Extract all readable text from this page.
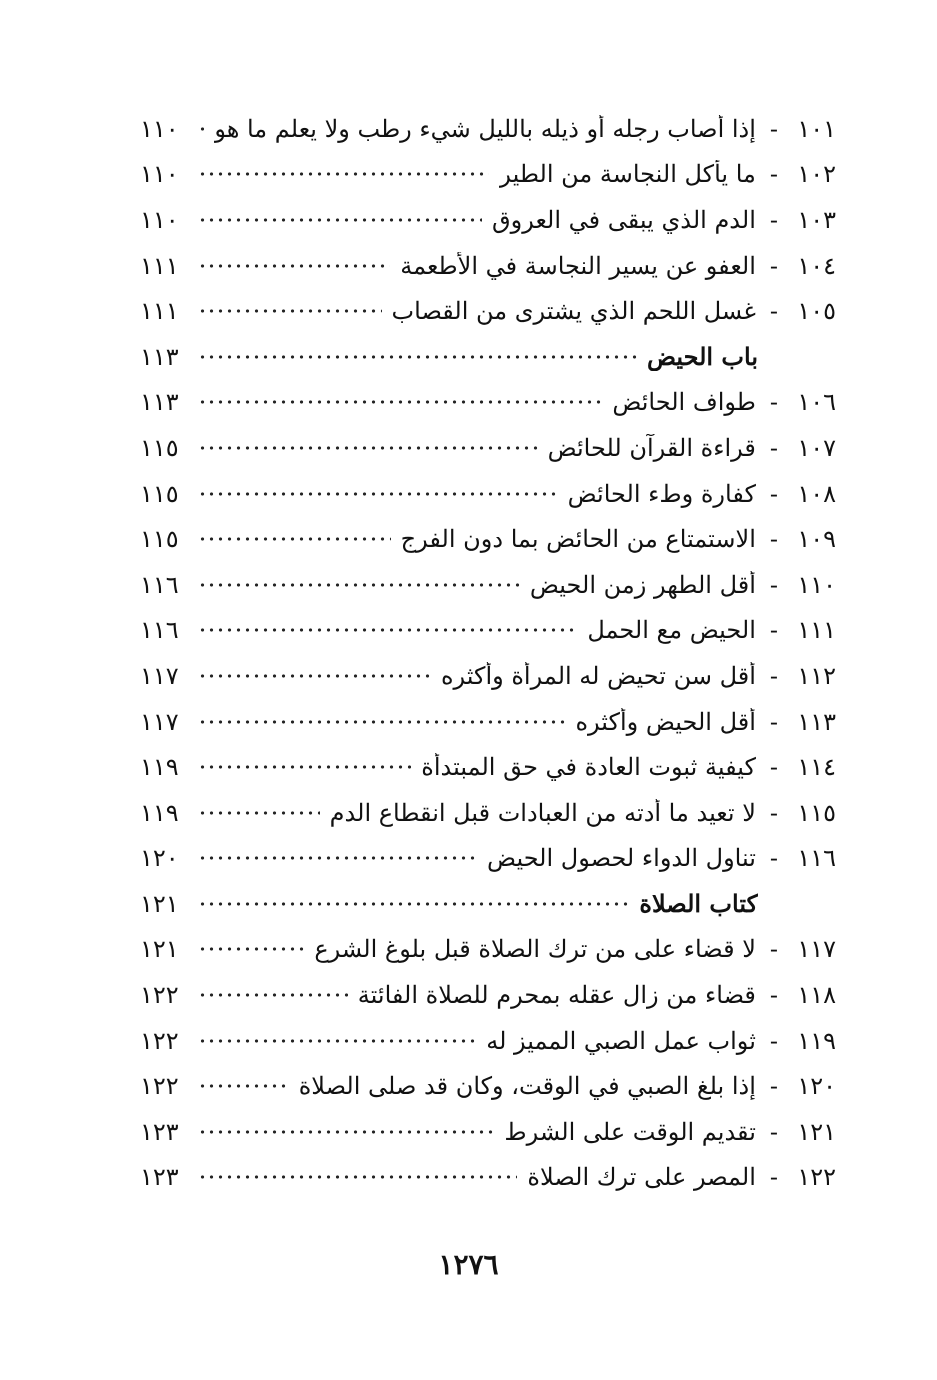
١٠١
-
إذا أصاب رجله أو ذيله بالليل شيء رطب ولا يعلم ما هو
١١٠
١٠٢
-
ما يأكل النجاسة من الطير
١١٠
١٠٣
-
الدم الذي يبقى في العروق
١١٠
١٠٤
-
العفو عن يسير النجاسة في الأطعمة
١١١
١٠٥
-
غسل اللحم الذي يشترى من القصاب
١١١
باب الحيض
١١٣
١٠٦
-
طواف الحائض
١١٣
١٠٧
-
قراءة القرآن للحائض
١١٥
١٠٨
-
كفارة وطء الحائض
١١٥
١٠٩
-
الاستمتاع من الحائض بما دون الفرج
١١٥
١١٠
-
أقل الطهر زمن الحيض
١١٦
١١١
-
الحيض مع الحمل
١١٦
١١٢
-
أقل سن تحيض له المرأة وأكثره
١١٧
١١٣
-
أقل الحيض وأكثره
١١٧
١١٤
-
كيفية ثبوت العادة في حق المبتدأة
١١٩
١١٥
-
لا تعيد ما أدته من العبادات قبل انقطاع الدم
١١٩
١١٦
-
تناول الدواء لحصول الحيض
١٢٠
كتاب الصلاة
١٢١
١١٧
-
لا قضاء على من ترك الصلاة قبل بلوغ الشرع
١٢١
١١٨
-
قضاء من زال عقله بمحرم للصلاة الفائتة
١٢٢
١١٩
-
ثواب عمل الصبي المميز له
١٢٢
١٢٠
-
إذا بلغ الصبي في الوقت، وكان قد صلى الصلاة
١٢٢
١٢١
-
تقديم الوقت على الشرط
١٢٣
١٢٢
-
المصر على ترك الصلاة
١٢٣
١٢٧٦
